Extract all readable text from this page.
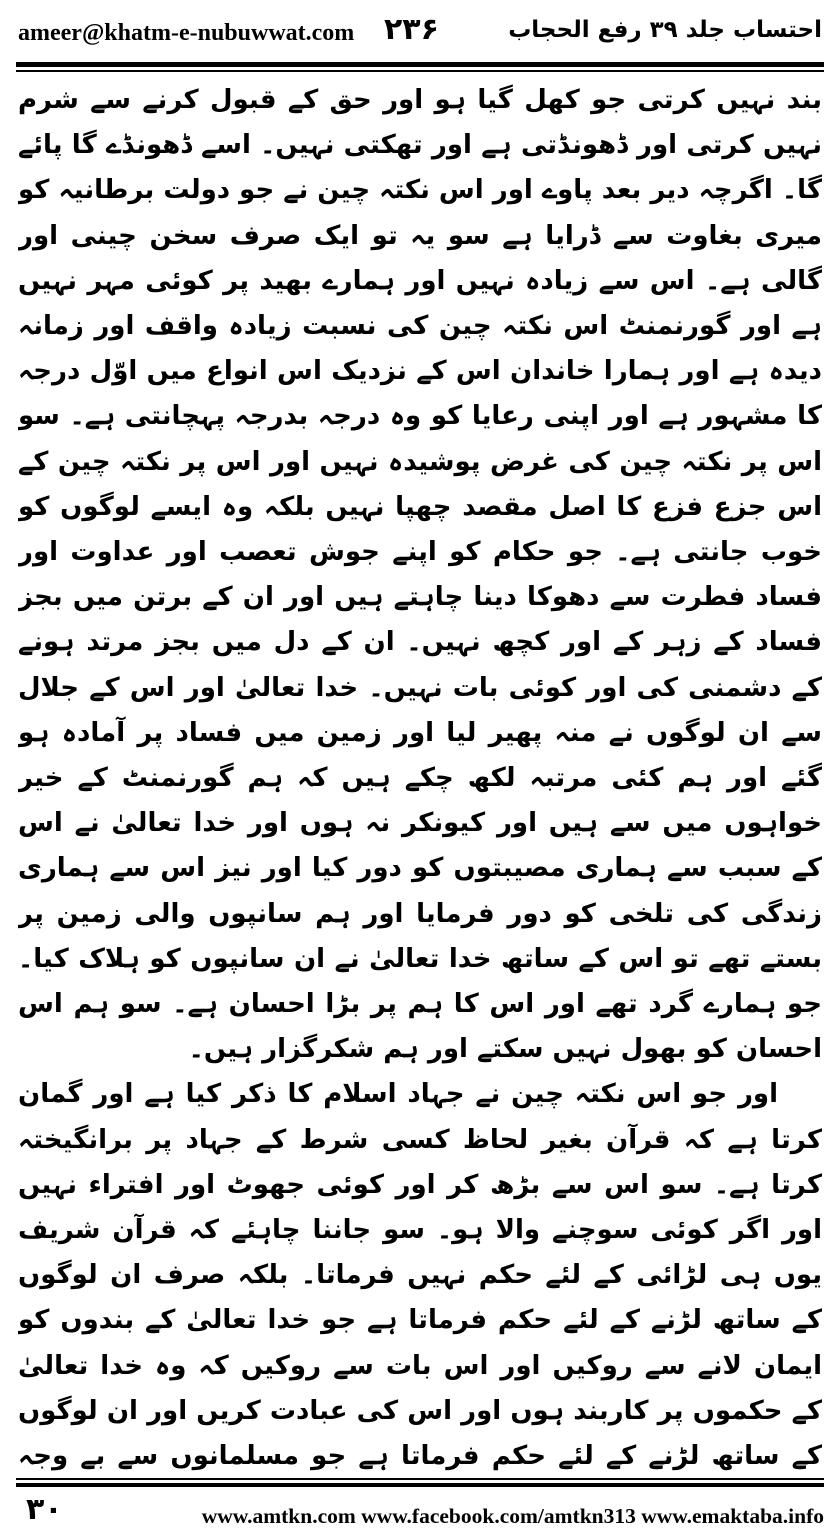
ameer@khatm-e-nubuwwat.com ۲۳۶	احتساب جلد ۳۹ رفع الحجاب

بند نہیں کرتی جو کھل گیا ہو اور حق کے قبول کرنے سے شرم نہیں کرتی اور ڈھونڈتی ہے اور تھکتی نہیں۔ اسے ڈھونڈے گا پائے گا۔ اگرچہ دیر بعد پاوے اور اس نکتہ چین نے جو دولت برطانیہ کو میری بغاوت سے ڈرایا ہے سو یہ تو ایک صرف سخن چینی اور گالی ہے۔ اس سے زیادہ نہیں اور ہمارے بھید پر کوئی مہر نہیں ہے اور گورنمنٹ اس نکتہ چین کی نسبت زیادہ واقف اور زمانہ دیدہ ہے اور ہمارا خاندان اس کے نزدیک اس انواع میں اوّل درجہ کا مشہور ہے اور اپنی رعایا کو وہ درجہ بدرجہ پہچانتی ہے۔ سو اس پر نکتہ چین کی غرض پوشیدہ نہیں اور اس پر نکتہ چین کے اس جزع فزع کا اصل مقصد چھپا نہیں بلکہ وہ ایسے لوگوں کو خوب جانتی ہے۔ جو حکام کو اپنے جوش تعصب اور عداوت اور فساد فطرت سے دھوکا دینا چاہتے ہیں اور ان کے برتن میں بجز فساد کے زہر کے اور کچھ نہیں۔ ان کے دل میں بجز مرتد ہونے کے دشمنی کی اور کوئی بات نہیں۔ خدا تعالیٰ اور اس کے جلال سے ان لوگوں نے منہ پھیر لیا اور زمین میں فساد پر آمادہ ہو گئے اور ہم کئی مرتبہ لکھ چکے ہیں کہ ہم گورنمنٹ کے خیر خواہوں میں سے ہیں اور کیونکر نہ ہوں اور خدا تعالیٰ نے اس کے سبب سے ہماری مصیبتوں کو دور کیا اور نیز اس سے ہماری زندگی کی تلخی کو دور فرمایا اور ہم سانپوں والی زمین پر بستے تھے تو اس کے ساتھ خدا تعالیٰ نے ان سانپوں کو ہلاک کیا۔ جو ہمارے گرد تھے اور اس کا ہم پر بڑا احسان ہے۔ سو ہم اس احسان کو بھول نہیں سکتے اور ہم شکرگزار ہیں۔

اور جو اس نکتہ چین نے جہاد اسلام کا ذکر کیا ہے اور گمان کرتا ہے کہ قرآن بغیر لحاظ کسی شرط کے جہاد پر برانگیختہ کرتا ہے۔ سو اس سے بڑھ کر اور کوئی جھوٹ اور افتراء نہیں اور اگر کوئی سوچنے والا ہو۔ سو جاننا چاہئے کہ قرآن شریف یوں ہی لڑائی کے لئے حکم نہیں فرماتا۔ بلکہ صرف ان لوگوں کے ساتھ لڑنے کے لئے حکم فرماتا ہے جو خدا تعالیٰ کے بندوں کو ایمان لانے سے روکیں اور اس بات سے روکیں کہ وہ خدا تعالیٰ کے حکموں پر کاربند ہوں اور اس کی عبادت کریں اور ان لوگوں کے ساتھ لڑنے کے لئے حکم فرماتا ہے جو مسلمانوں سے بے وجہ

۳۰	www.amtkn.com www.facebook.com/amtkn313 www.emaktaba.info
